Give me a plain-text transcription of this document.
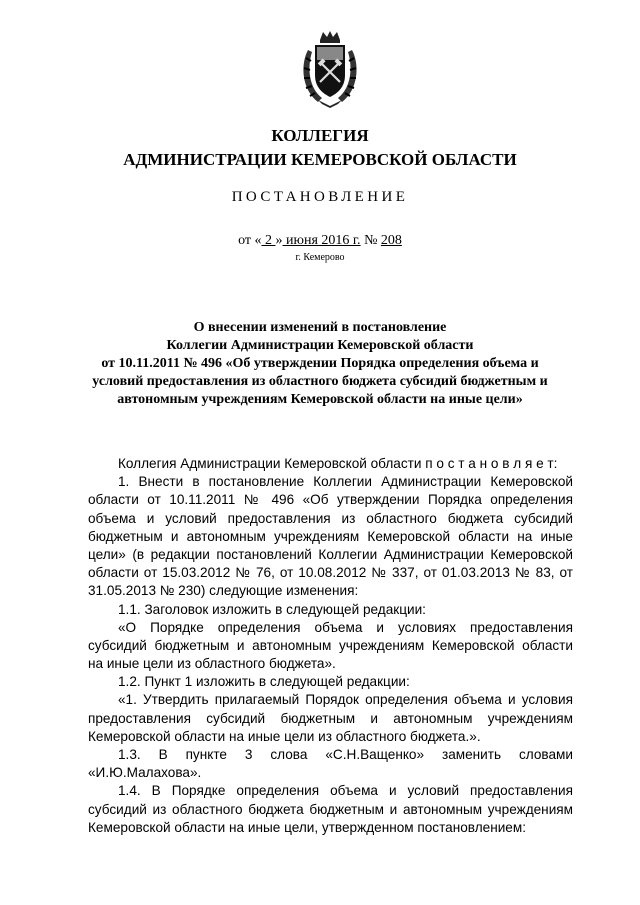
КОЛЛЕГИЯ
АДМИНИСТРАЦИИ КЕМЕРОВСКОЙ ОБЛАСТИ
ПОСТАНОВЛЕНИЕ
от « 2 » июня 2016 г. № 208
г. Кемерово
О внесении изменений в постановление
Коллегии Администрации Кемеровской области
от 10.11.2011 № 496 «Об утверждении Порядка определения объема и
условий предоставления из областного бюджета субсидий бюджетным и
автономным учреждениям Кемеровской области на иные цели»
Коллегия Администрации Кемеровской области п о с т а н о в л я е т:
1. Внести в постановление Коллегии Администрации Кемеровской
области от 10.11.2011 № 496 «Об утверждении Порядка определения
объема и условий предоставления из областного бюджета субсидий
бюджетным и автономным учреждениям Кемеровской области на иные
цели» (в редакции постановлений Коллегии Администрации Кемеровской
области от 15.03.2012 № 76, от 10.08.2012 № 337, от 01.03.2013 № 83, от
31.05.2013 № 230) следующие изменения:
1.1. Заголовок изложить в следующей редакции:
«О Порядке определения объема и условиях предоставления
субсидий бюджетным и автономным учреждениям Кемеровской области
на иные цели из областного бюджета».
1.2. Пункт 1 изложить в следующей редакции:
«1. Утвердить прилагаемый Порядок определения объема и условия
предоставления субсидий бюджетным и автономным учреждениям
Кемеровской области на иные цели из областного бюджета.».
1.3. В пункте 3 слова «С.Н.Ващенко» заменить словами
«И.Ю.Малахова».
1.4. В Порядке определения объема и условий предоставления
субсидий из областного бюджета бюджетным и автономным учреждениям
Кемеровской области на иные цели, утвержденном постановлением:
